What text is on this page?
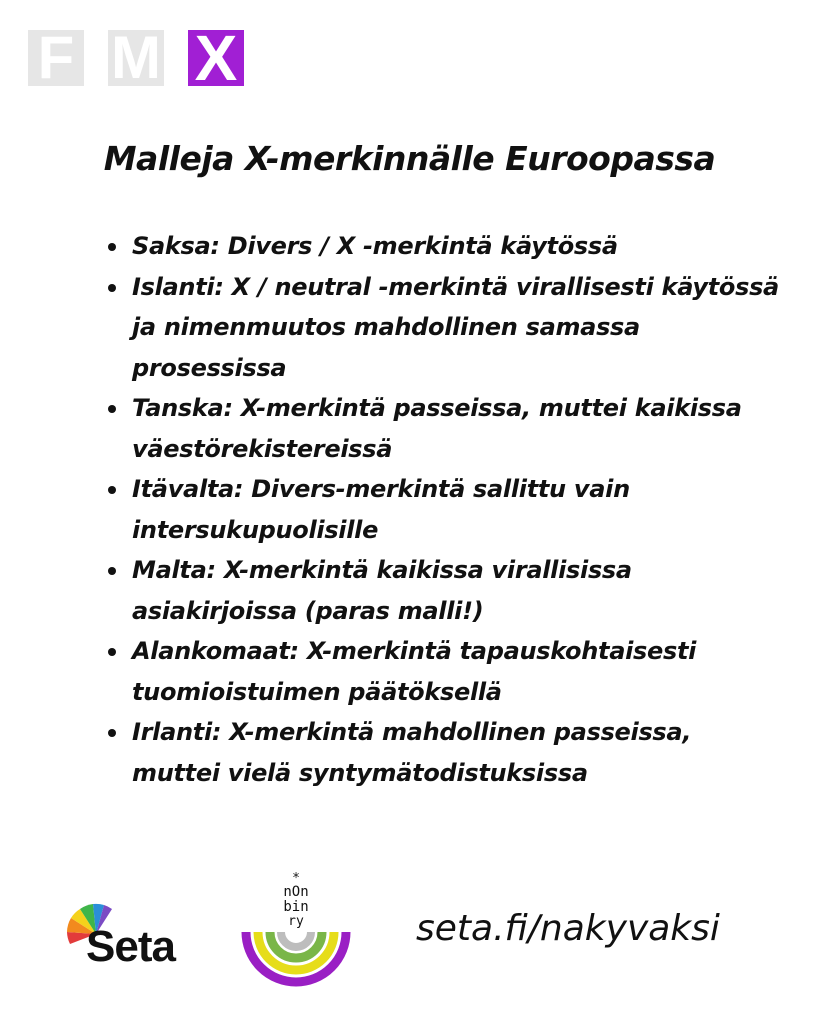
F M X
Malleja X-merkinnälle Euroopassa
Saksa: Divers / X -merkintä käytössä
Islanti: X / neutral -merkintä virallisesti käytössä ja nimenmuutos mahdollinen samassa prosessissa
Tanska: X-merkintä passeissa, muttei kaikissa väestörekistereissä
Itävalta: Divers-merkintä sallittu vain intersukupuolisille
Malta: X-merkintä kaikissa virallisissa asiakirjoissa (paras malli!)
Alankomaat: X-merkintä tapauskohtaisesti tuomioistuimen päätöksellä
Irlanti: X-merkintä mahdollinen passeissa, muttei vielä syntymätodistuksissa
Seta
*
nOn
bin
ry	seta.fi/nakyvaksi
